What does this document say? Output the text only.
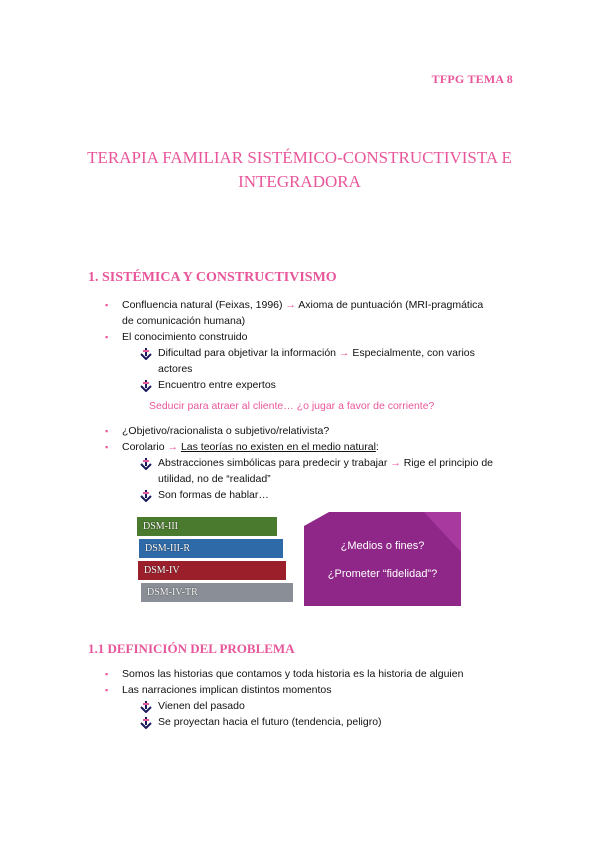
TFPG TEMA 8
TERAPIA FAMILIAR SISTÉMICO-CONSTRUCTIVISTA E
INTEGRADORA
1. SISTÉMICA Y CONSTRUCTIVISMO
▪ Confluencia natural (Feixas, 1996) → Axioma de puntuación (MRI-pragmática
de comunicación humana)
▪ El conocimiento construido
Dificultad para objetivar la información → Especialmente, con varios
actores
Encuentro entre expertos
Seducir para atraer al cliente… ¿o jugar a favor de corriente?
▪ ¿Objetivo/racionalista o subjetivo/relativista?
▪ Corolario → Las teorías no existen en el medio natural:
Abstracciones simbólicas para predecir y trabajar → Rige el principio de
utilidad, no de “realidad”
Son formas de hablar…
DSM-III
DSM-III-R
DSM-IV
DSM-IV-TR
¿Medios o fines?
¿Prometer “fidelidad”?
1.1 DEFINICIÓN DEL PROBLEMA
▪ Somos las historias que contamos y toda historia es la historia de alguien
▪ Las narraciones implican distintos momentos
Vienen del pasado
Se proyectan hacia el futuro (tendencia, peligro)
